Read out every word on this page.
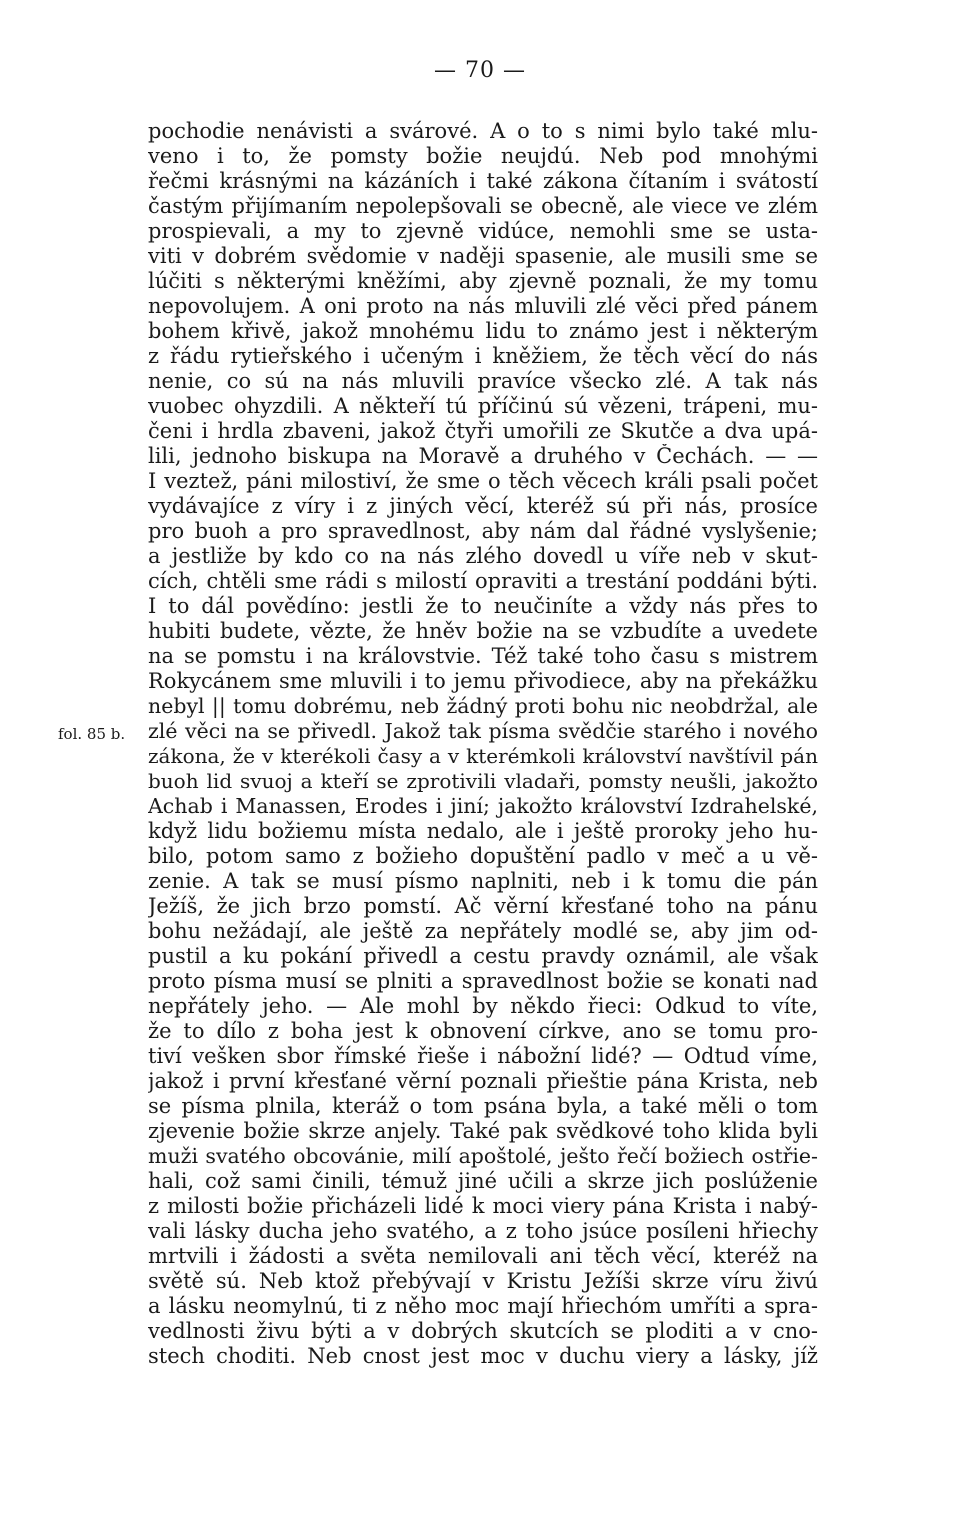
— 70 —
fol. 85 b.
pochodie nenávisti a svárové. A o to s nimi bylo také mlu-
veno i to, že pomsty božie neujdú. Neb pod mnohými
řečmi krásnými na kázáních i také zákona čítaním i svátostí
častým přijímaním nepolepšovali se obecně, ale viece ve zlém
prospievali, a my to zjevně vidúce, nemohli sme se usta-
viti v dobrém svědomie v naději spasenie, ale musili sme se
lúčiti s některými kněžími, aby zjevně poznali, že my tomu
nepovolujem. A oni proto na nás mluvili zlé věci před pánem
bohem křivě, jakož mnohému lidu to známo jest i některým
z řádu rytieřského i učeným i kněžiem, že těch věcí do nás
nenie, co sú na nás mluvili pravíce všecko zlé. A tak nás
vuobec ohyzdili. A někteří tú příčinú sú vězeni, trápeni, mu-
čeni i hrdla zbaveni, jakož čtyři umořili ze Skutče a dva upá-
lili, jednoho biskupa na Moravě a druhého v Čechách. — —
I veztež, páni milostiví, že sme o těch věcech králi psali počet
vydávajíce z víry i z jiných věcí, kteréž sú při nás, prosíce
pro buoh a pro spravedlnost, aby nám dal řádné vyslyšenie;
a jestliže by kdo co na nás zlého dovedl u víře neb v skut-
cích, chtěli sme rádi s milostí opraviti a trestání poddáni býti.
I to dál povědíno: jestli že to neučiníte a vždy nás přes to
hubiti budete, vězte, že hněv božie na se vzbudíte a uvedete
na se pomstu i na královstvie. Též také toho času s mistrem
Rokycánem sme mluvili i to jemu přivodiece, aby na překážku
nebyl || tomu dobrému, neb žádný proti bohu nic neobdržal, ale
zlé věci na se přivedl. Jakož tak písma svědčie starého i nového
zákona, že v kterékoli časy a v kterémkoli království navštívil pán
buoh lid svuoj a kteří se zprotivili vladaři, pomsty neušli, jakožto
Achab i Manassen, Erodes i jiní; jakožto království Izdrahelské,
když lidu božiemu místa nedalo, ale i ještě proroky jeho hu-
bilo, potom samo z božieho dopuštění padlo v meč a u vě-
zenie. A tak se musí písmo naplniti, neb i k tomu die pán
Ježíš, že jich brzo pomstí. Ač věrní křesťané toho na pánu
bohu nežádají, ale ještě za nepřátely modlé se, aby jim od-
pustil a ku pokání přivedl a cestu pravdy oznámil, ale však
proto písma musí se plniti a spravedlnost božie se konati nad
nepřátely jeho. — Ale mohl by někdo řieci: Odkud to víte,
že to dílo z boha jest k obnovení církve, ano se tomu pro-
tiví vešken sbor římské řieše i nábožní lidé? — Odtud víme,
jakož i první křesťané věrní poznali přieštie pána Krista, neb
se písma plnila, kteráž o tom psána byla, a také měli o tom
zjevenie božie skrze anjely. Také pak svědkové toho klida byli
muži svatého obcovánie, milí apoštolé, ješto řečí božiech ostřie-
hali, což sami činili, témuž jiné učili a skrze jich poslúženie
z milosti božie přicházeli lidé k moci viery pána Krista i nabý-
vali lásky ducha jeho svatého, a z toho jsúce posíleni hřiechy
mrtvili i žádosti a světa nemilovali ani těch věcí, kteréž na
světě sú. Neb ktož přebývají v Kristu Ježíši skrze víru živú
a lásku neomylnú, ti z něho moc mají hřiechóm umříti a spra-
vedlnosti živu býti a v dobrých skutcích se ploditi a v cno-
stech choditi. Neb cnost jest moc v duchu viery a lásky, jíž
